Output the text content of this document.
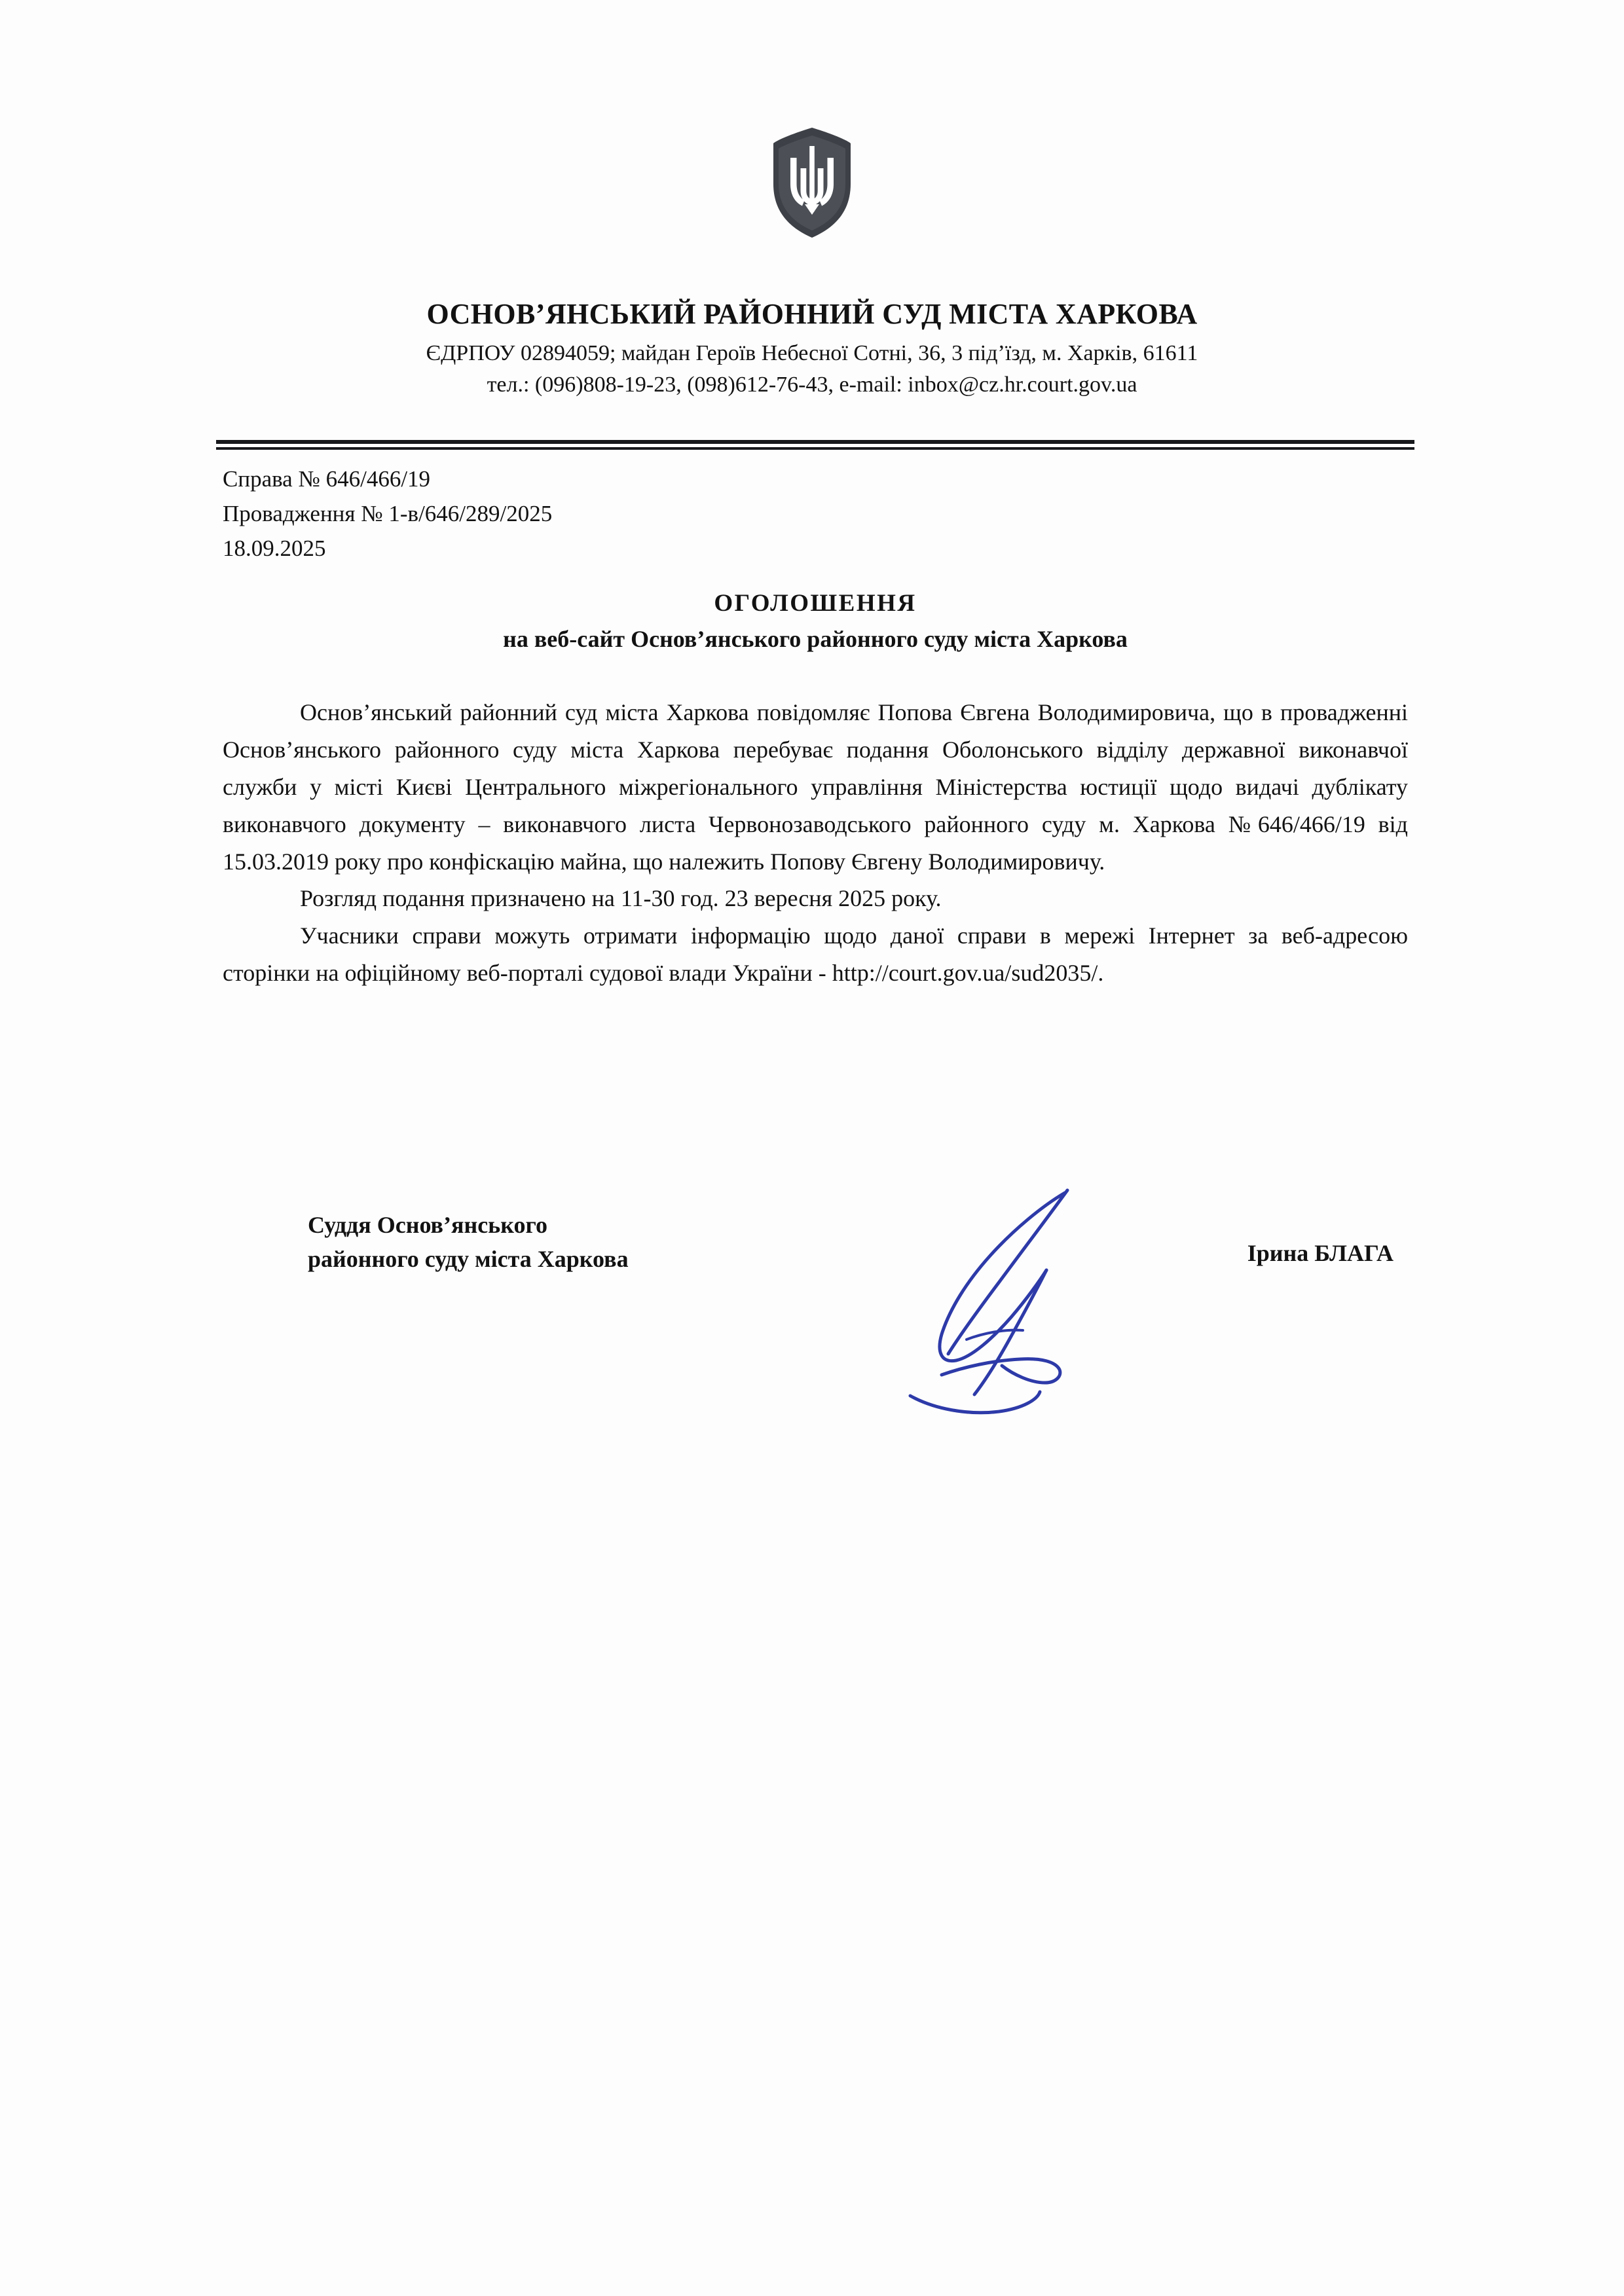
ОСНОВ’ЯНСЬКИЙ РАЙОННИЙ СУД МІСТА ХАРКОВА
ЄДРПОУ 02894059; майдан Героїв Небесної Сотні, 36, 3 під’їзд, м. Харків, 61611
тел.: (096)808-19-23, (098)612-76-43, e-mail: inbox@cz.hr.court.gov.ua
Справа № 646/466/19
Провадження № 1-в/646/289/2025
18.09.2025
ОГОЛОШЕННЯ
на веб-сайт Основ’янського районного суду міста Харкова

Основ’янський районний суд міста Харкова повідомляє Попова Євгена Володимировича, що в провадженні Основ’янського районного суду міста Харкова перебуває подання Оболонського відділу державної виконавчої служби у місті Києві Центрального міжрегіонального управління Міністерства юстиції щодо видачі дублікату виконавчого документу – виконавчого листа Червонозаводського районного суду м. Харкова №646/466/19 від 15.03.2019 року про конфіскацію майна, що належить Попову Євгену Володимировичу.

Розгляд подання призначено на 11-30 год. 23 вересня 2025 року.

Учасники справи можуть отримати інформацію щодо даної справи в мережі Інтернет за веб-адресою сторінки на офіційному веб-порталі судової влади України - http://court.gov.ua/sud2035/.

Суддя Основ’янського
районного суду міста Харкова	Ірина БЛАГА
